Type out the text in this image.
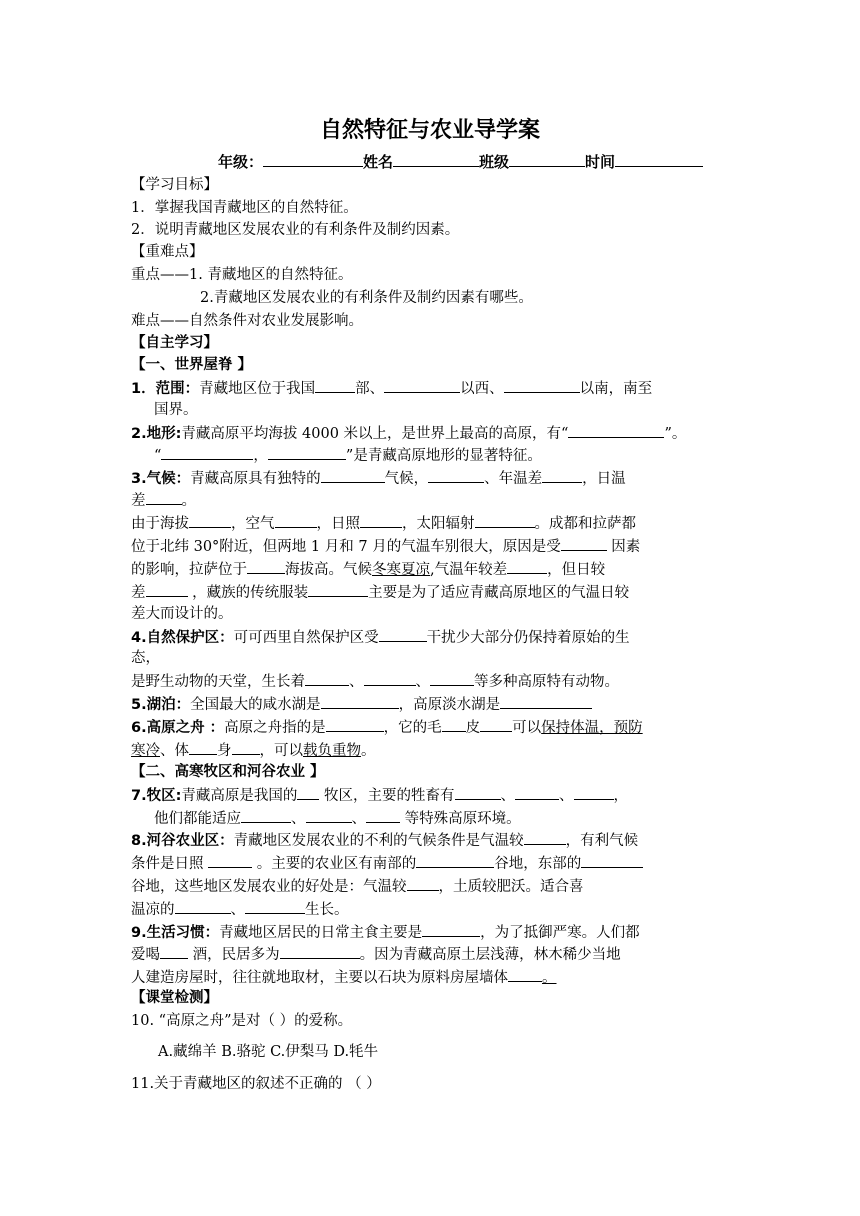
自然特征与农业导学案
年级：	姓名	班级	时间
【学习目标】
1．掌握我国青藏地区的自然特征。
2．说明青藏地区发展农业的有利条件及制约因素。
【重难点】
重点——1. 青藏地区的自然特征。
2.青藏地区发展农业的有利条件及制约因素有哪些。
难点——自然条件对农业发展影响。
【自主学习】
【一、世界屋脊 】
1．范围：青藏地区位于我国	部、	以西、	以南，南至
国界。
2.地形:青藏高原平均海拔 4000 米以上，是世界上最高的高原，有“	”。
“	，	”是青藏高原地形的显著特征。
3.气候：青藏高原具有独特的	气候，	、年温差	，日温
差 。
由于海拔	，空气	，日照	，太阳辐射	。成都和拉萨都
位于北纬 30°附近，但两地 1 月和 7 月的气温车别很大，原因是受	因素
的影响，拉萨位于	海拔高。气候冬寒夏凉,气温年较差	，但日较
差	，藏族的传统服装	主要是为了适应青藏高原地区的气温日较
差大而设计的。
4.自然保护区：可可西里自然保护区受	干扰少大部分仍保持着原始的生
态，
是野生动物的天堂，生长着	、	、	等多种高原特有动物。
5.湖泊：全国最大的咸水湖是	，高原淡水湖是
6.高原之舟 ：高原之舟指的是	，它的毛 皮 可以保持体温，预防
寒冷、体 身 ，可以载负重物。
【二、高寒牧区和河谷农业 】
7.牧区:青藏高原是我国的 牧区，主要的牲畜有	、	、	，
他们都能适应	、	、 等特殊高原环境。
8.河谷农业区：青藏地区发展农业的不利的气候条件是气温较	，有利气候
条件是日照	。主要的农业区有南部的	谷地，东部的
谷地，这些地区发展农业的好处是：气温较 ，土质较肥沃。适合喜
温凉的	、	生长。
9.生活习惯：青藏地区居民的日常主食主要是	，为了抵御严寒。人们都
爱喝 酒，民居多为	。因为青藏高原土层浅薄，林木稀少当地
人建造房屋时，往往就地取材，主要以石块为原料房屋墙体 。
【课堂检测】
10. “高原之舟”是对（ ）的爱称。
A.藏绵羊 B.骆驼 C.伊梨马 D.牦牛
11.关于青藏地区的叙述不正确的 （ ）
